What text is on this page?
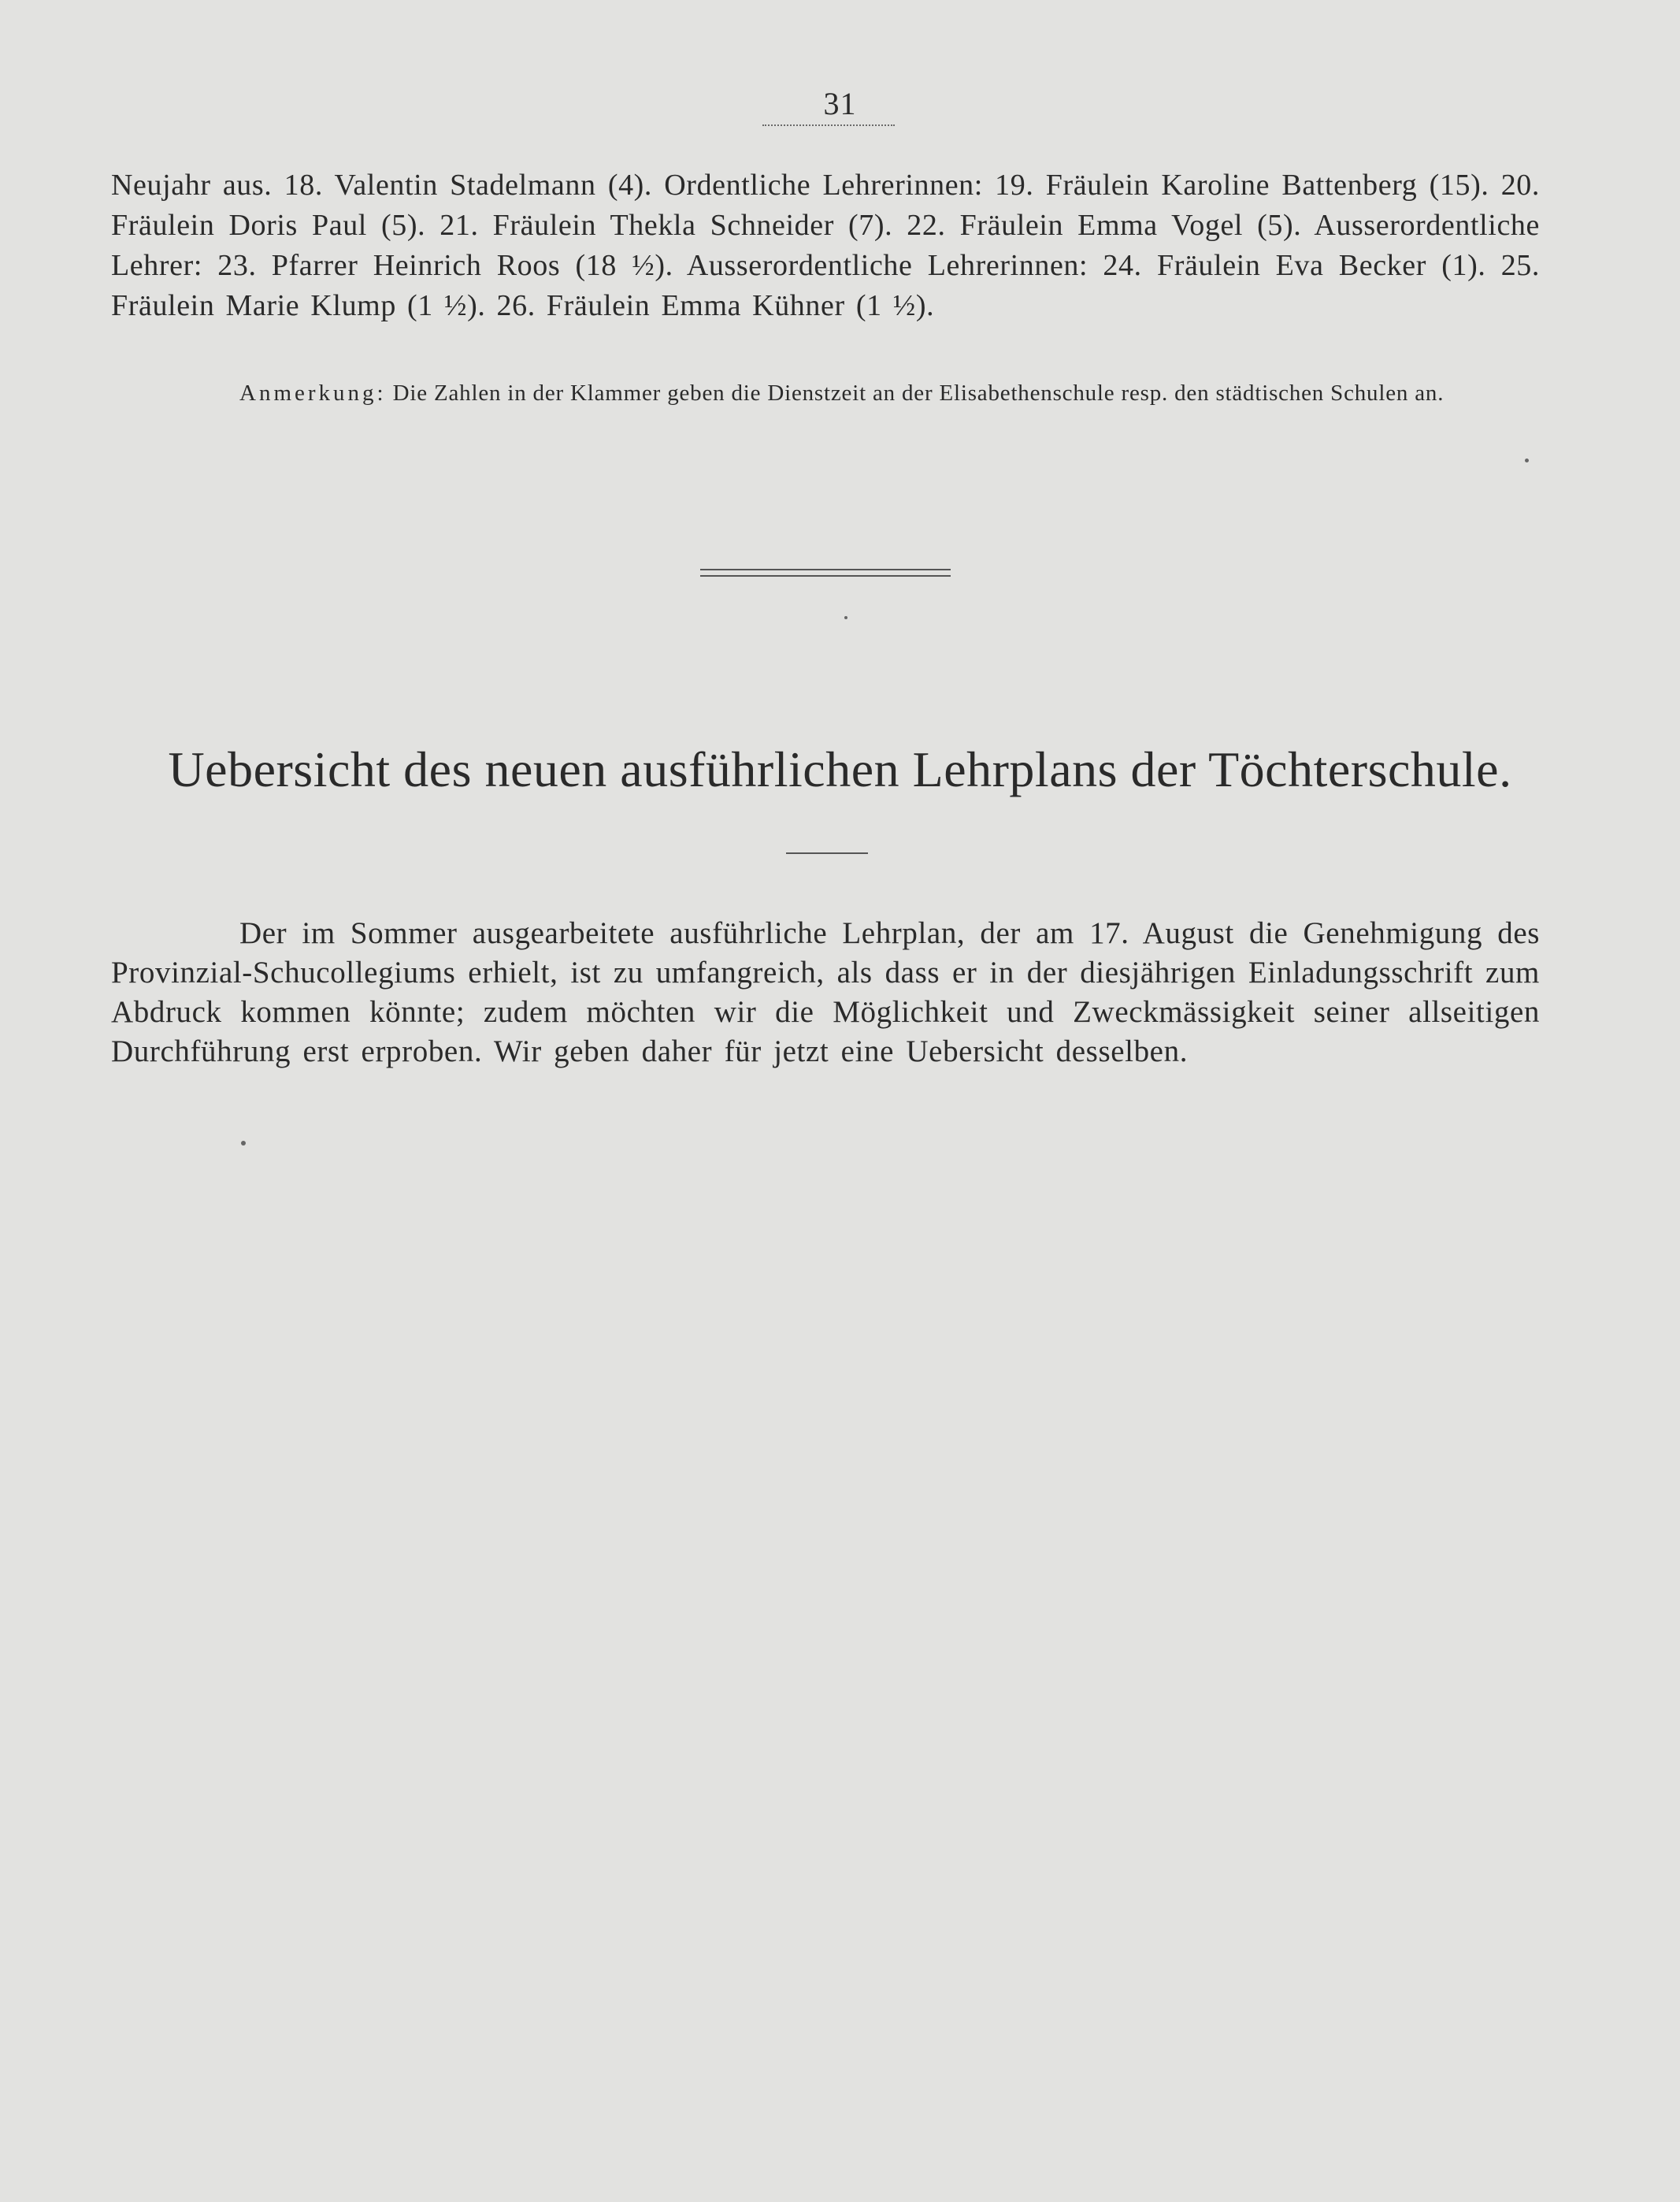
31

Neujahr aus. 18. Valentin Stadelmann (4). Ordentliche Lehrerinnen: 19. Fräulein Karoline Battenberg (15). 20. Fräulein Doris Paul (5). 21. Fräulein Thekla Schneider (7). 22. Fräulein Emma Vogel (5). Ausserordentliche Lehrer: 23. Pfarrer Heinrich Roos (18 ½). Ausserordentliche Lehrerinnen: 24. Fräulein Eva Becker (1). 25. Fräulein Marie Klump (1 ½). 26. Fräulein Emma Kühner (1 ½).

Anmerkung: Die Zahlen in der Klammer geben die Dienstzeit an der Elisabethenschule resp. den städtischen Schulen an.

Uebersicht des neuen ausführlichen Lehrplans der Töchterschule.

Der im Sommer ausgearbeitete ausführliche Lehrplan, der am 17. August die Genehmigung des Provinzial-Schucollegiums erhielt, ist zu umfangreich, als dass er in der diesjährigen Einladungsschrift zum Abdruck kommen könnte; zudem möchten wir die Möglichkeit und Zweckmässigkeit seiner allseitigen Durchführung erst erproben. Wir geben daher für jetzt eine Uebersicht desselben.
